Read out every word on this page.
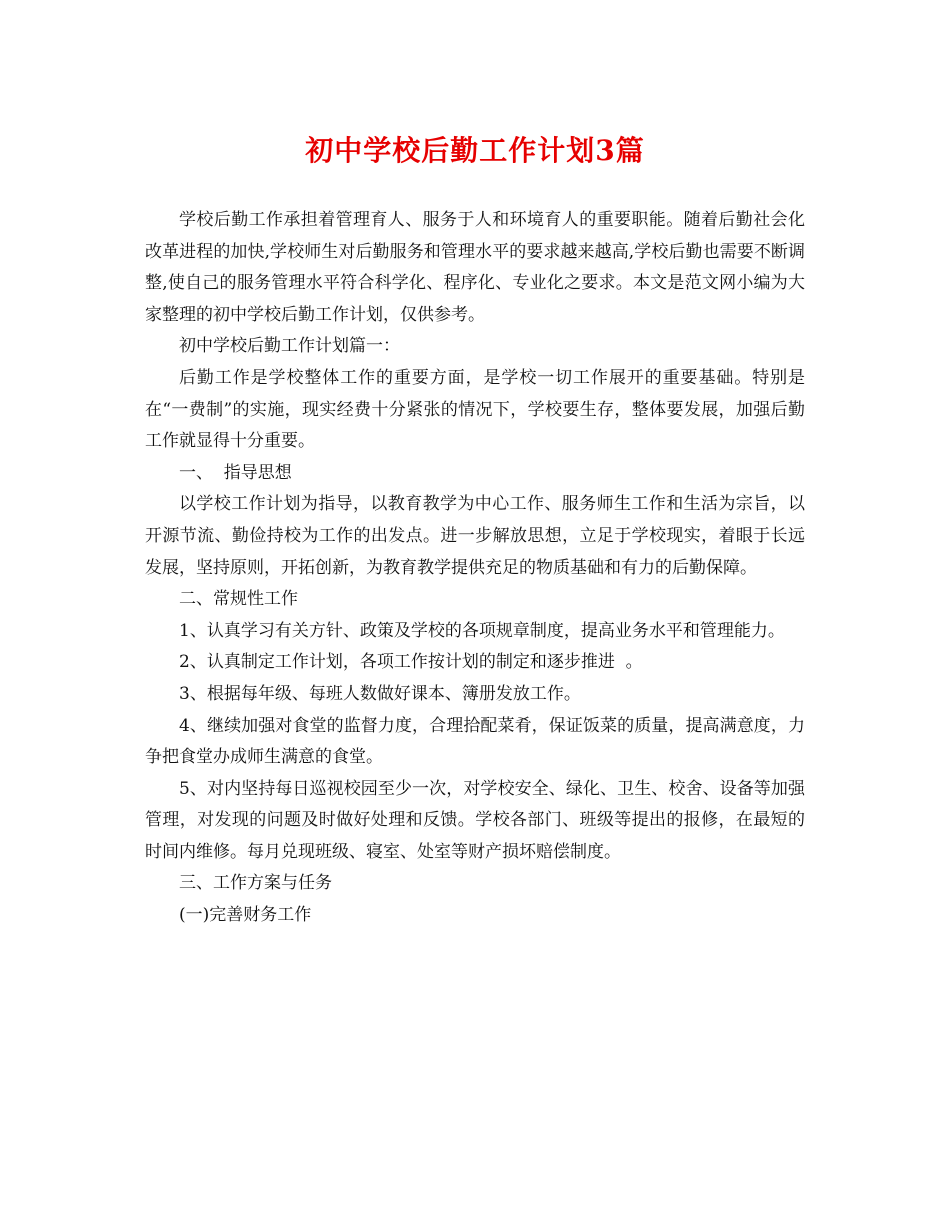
初中学校后勤工作计划3篇

学校后勤工作承担着管理育人、服务于人和环境育人的重要职能。随着后勤社会化改革进程的加快,学校师生对后勤服务和管理水平的要求越来越高,学校后勤也需要不断调整,使自己的服务管理水平符合科学化、程序化、专业化之要求。本文是范文网小编为大家整理的初中学校后勤工作计划，仅供参考。

初中学校后勤工作计划篇一：

后勤工作是学校整体工作的重要方面，是学校一切工作展开的重要基础。特别是在“一费制”的实施，现实经费十分紧张的情况下，学校要生存，整体要发展，加强后勤工作就显得十分重要。

一、  指导思想

以学校工作计划为指导，以教育教学为中心工作、服务师生工作和生活为宗旨，以开源节流、勤俭持校为工作的出发点。进一步解放思想，立足于学校现实，着眼于长远发展，坚持原则，开拓创新，为教育教学提供充足的物质基础和有力的后勤保障。

二、常规性工作

1、认真学习有关方针、政策及学校的各项规章制度，提高业务水平和管理能力。

2、认真制定工作计划，各项工作按计划的制定和逐步推进  。

3、根据每年级、每班人数做好课本、簿册发放工作。

4、继续加强对食堂的监督力度，合理拾配菜肴，保证饭菜的质量，提高满意度，力争把食堂办成师生满意的食堂。

5、对内坚持每日巡视校园至少一次，对学校安全、绿化、卫生、校舍、设备等加强管理，对发现的问题及时做好处理和反馈。学校各部门、班级等提出的报修，在最短的时间内维修。每月兑现班级、寝室、处室等财产损坏赔偿制度。

三、工作方案与任务

(一)完善财务工作
